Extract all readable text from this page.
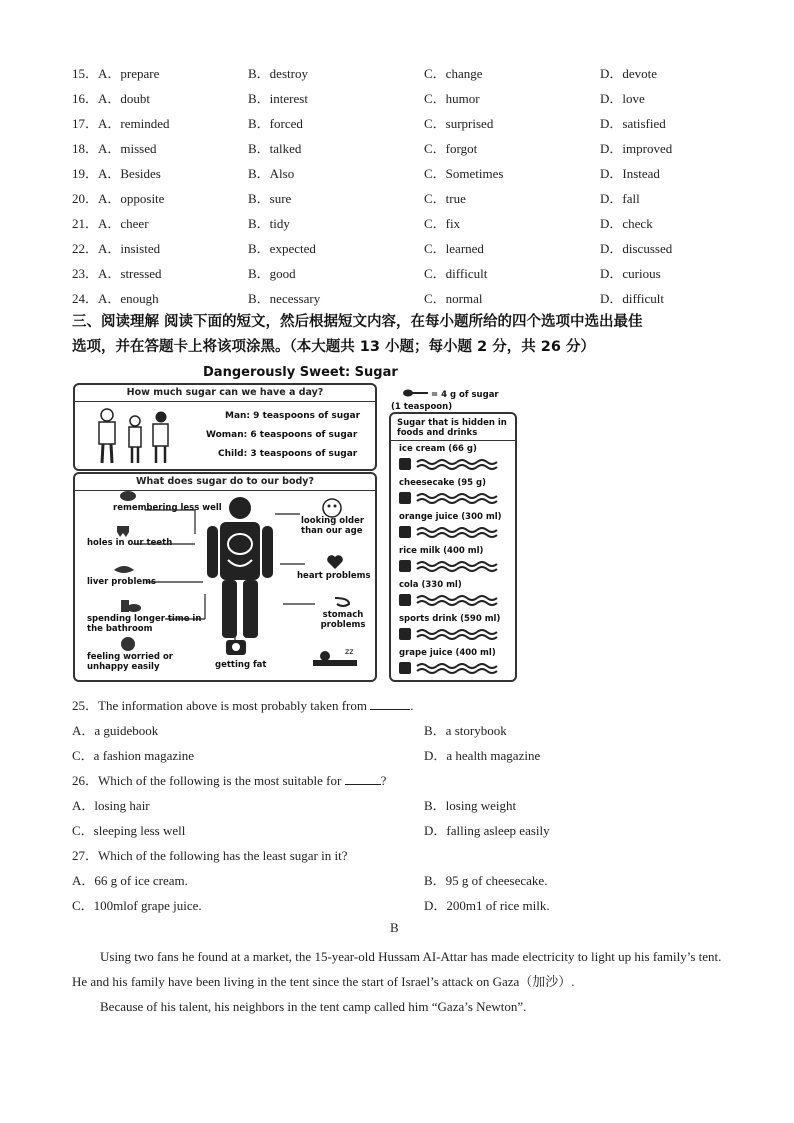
15．A．prepare	B．destroy	C．change	D．devote
16．A．doubt	B．interest	C．humor	D．love
17．A．reminded	B．forced	C．surprised	D．satisfied
18．A．missed	B．talked	C．forgot	D．improved
19．A．Besides	B．Also	C．Sometimes	D．Instead
20．A．opposite	B．sure	C．true	D．fall
21．A．cheer	B．tidy	C．fix	D．check
22．A．insisted	B．expected	C．learned	D．discussed
23．A．stressed	B．good	C．difficult	D．curious
24．A．enough	B．necessary	C．normal	D．difficult
三、阅读理解 阅读下面的短文，然后根据短文内容，在每小题所给的四个选项中选出最佳
选项，并在答题卡上将该项涂黑。（本大题共 13 小题；每小题 2 分，共 26 分）
Dangerously Sweet: Sugar
= 4 g of sugar
(1 teaspoon)
How much sugar can we have a day?
Man: 9 teaspoons of sugar
Woman: 6 teaspoons of sugar
Child: 3 teaspoons of sugar
What does sugar do to our body?
remembering less well
holes in our teeth
liver problems
spending longer time in the bathroom
feeling worried or unhappy easily
looking older than our age
heart problems
stomach problems
getting fat
zz
Sugar that is hidden in foods and drinks
ice cream (66 g)
cheesecake (95 g)
orange juice (300 ml)
rice milk (400 ml)
cola (330 ml)
sports drink (590 ml)
grape juice (400 ml)
25．The information above is most probably taken from	.
A．a guidebook	B．a storybook
C．a fashion magazine	D．a health magazine
26．Which of the following is the most suitable for	?
A．losing hair	B．losing weight
C．sleeping less well	D．falling asleep easily
27．Which of the following has the least sugar in it?
A．66 g of ice cream.	B．95 g of cheesecake.
C．100mlof grape juice.	D．200m1 of rice milk.
B
Using two fans he found at a market, the 15-year-old Hussam AI-Attar has made electricity to light up his family’s tent. He and his family have been living in the tent since the start of Israel’s attack on Gaza（加沙）.
Because of his talent, his neighbors in the tent camp called him “Gaza’s Newton”.
